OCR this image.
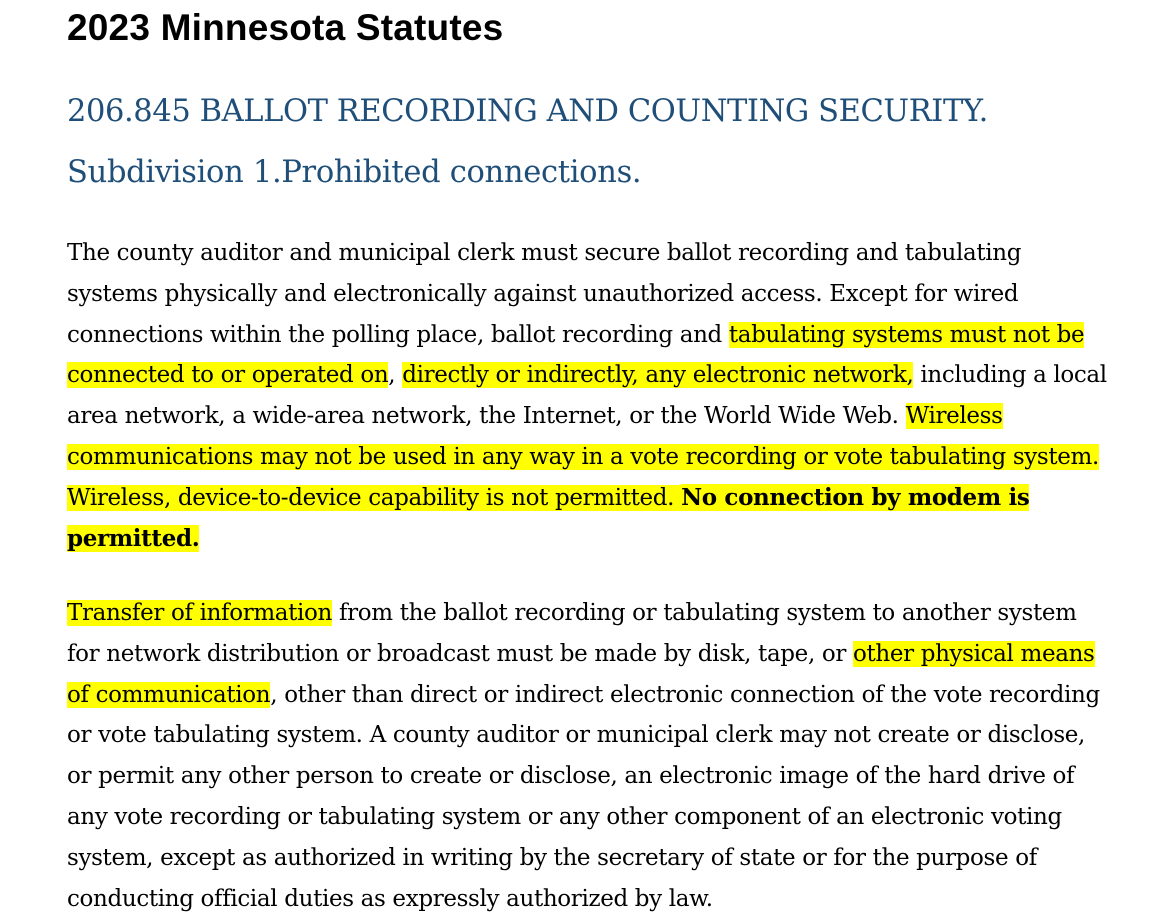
2023 Minnesota Statutes
206.845 BALLOT RECORDING AND COUNTING SECURITY.
Subdivision 1.Prohibited connections.

The county auditor and municipal clerk must secure ballot recording and tabulating
systems physically and electronically against unauthorized access. Except for wired
connections within the polling place, ballot recording and tabulating systems must not be
connected to or operated on, directly or indirectly, any electronic network, including a local
area network, a wide-area network, the Internet, or the World Wide Web. Wireless
communications may not be used in any way in a vote recording or vote tabulating system.
Wireless, device-to-device capability is not permitted. No connection by modem is
permitted.

Transfer of information from the ballot recording or tabulating system to another system
for network distribution or broadcast must be made by disk, tape, or other physical means
of communication, other than direct or indirect electronic connection of the vote recording
or vote tabulating system. A county auditor or municipal clerk may not create or disclose,
or permit any other person to create or disclose, an electronic image of the hard drive of
any vote recording or tabulating system or any other component of an electronic voting
system, except as authorized in writing by the secretary of state or for the purpose of
conducting official duties as expressly authorized by law.
